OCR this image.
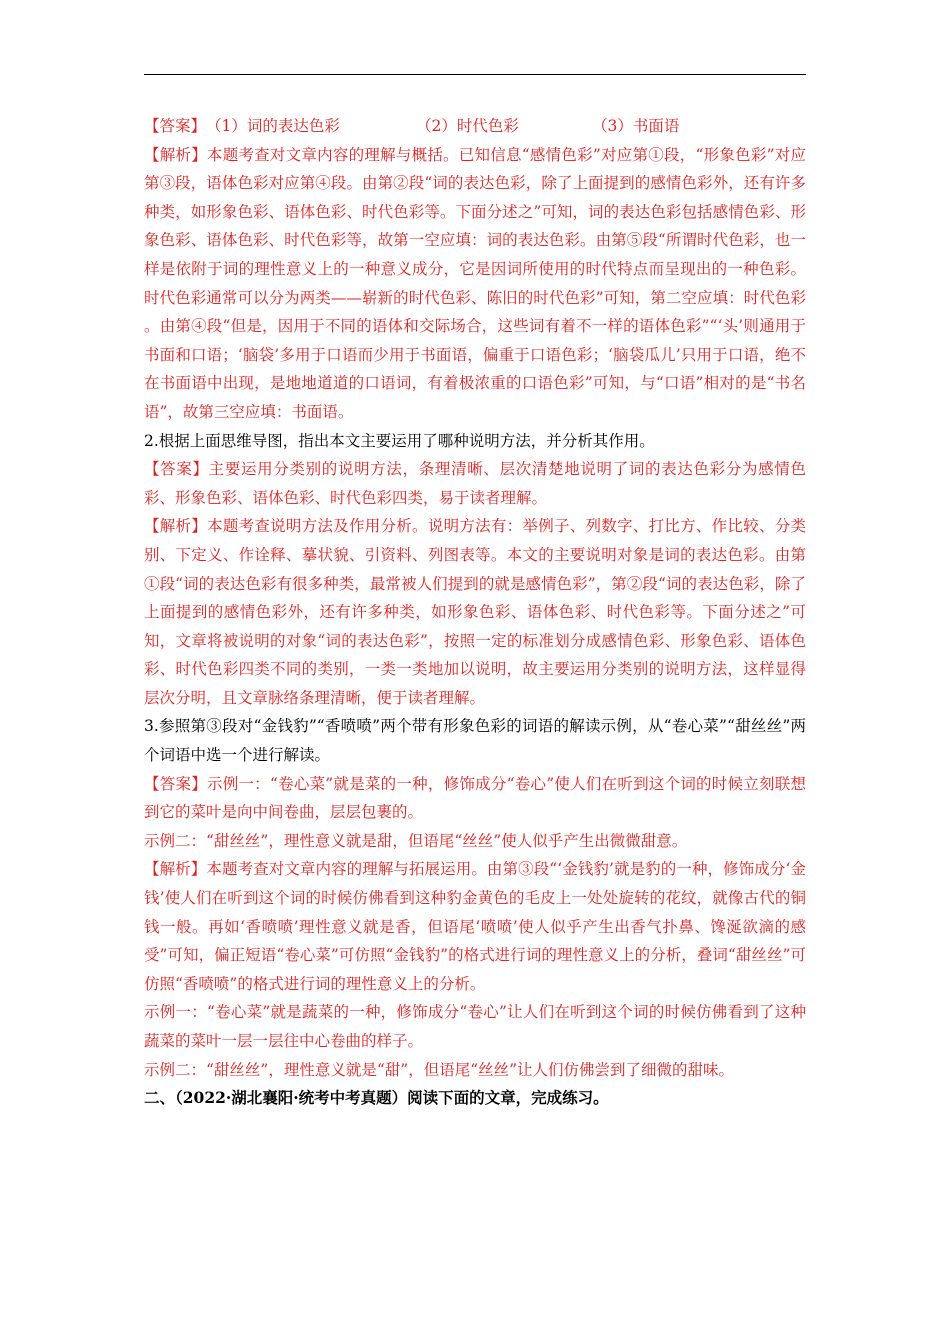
【答案】 （1）词的表达色彩	（2）时代色彩	（3）书面语

【解析】本题考查对文章内容的理解与概括。已知信息“感情色彩”对应第①段，“形象色彩”对应第③段，语体色彩对应第④段。由第②段“词的表达色彩，除了上面提到的感情色彩外，还有许多种类，如形象色彩、语体色彩、时代色彩等。下面分述之”可知，词的表达色彩包括感情色彩、形象色彩、语体色彩、时代色彩等，故第一空应填：词的表达色彩。由第⑤段“所谓时代色彩，也一样是依附于词的理性意义上的一种意义成分，它是因词所使用的时代特点而呈现出的一种色彩。时代色彩通常可以分为两类——崭新的时代色彩、陈旧的时代色彩”可知，第二空应填：时代色彩 。由第④段“但是，因用于不同的语体和交际场合，这些词有着不一样的语体色彩”“‘头’则通用于书面和口语；‘脑袋’多用于口语而少用于书面语，偏重于口语色彩；‘脑袋瓜儿’只用于口语，绝不在书面语中出现，是地地道道的口语词，有着极浓重的口语色彩”可知，与“口语”相对的是“书名语”，故第三空应填：书面语。

2.根据上面思维导图，指出本文主要运用了哪种说明方法，并分析其作用。

【答案】主要运用分类别的说明方法，条理清晰、层次清楚地说明了词的表达色彩分为感情色彩、形象色彩、语体色彩、时代色彩四类，易于读者理解。

【解析】本题考查说明方法及作用分析。说明方法有：举例子、列数字、打比方、作比较、分类别、下定义、作诠释、摹状貌、引资料、列图表等。本文的主要说明对象是词的表达色彩。由第①段“词的表达色彩有很多种类，最常被人们提到的就是感情色彩”，第②段“词的表达色彩，除了上面提到的感情色彩外，还有许多种类，如形象色彩、语体色彩、时代色彩等。下面分述之”可知，文章将被说明的对象“词的表达色彩”，按照一定的标准划分成感情色彩、形象色彩、语体色彩、时代色彩四类不同的类别，一类一类地加以说明，故主要运用分类别的说明方法，这样显得层次分明，且文章脉络条理清晰，便于读者理解。

3.参照第③段对“金钱豹”“香喷喷”两个带有形象色彩的词语的解读示例，从“卷心菜”“甜丝丝”两个词语中选一个进行解读。

【答案】示例一：“卷心菜”就是菜的一种，修饰成分“卷心”使人们在听到这个词的时候立刻联想到它的菜叶是向中间卷曲，层层包裹的。

示例二：“甜丝丝”，理性意义就是甜，但语尾“丝丝”使人似乎产生出微微甜意。

【解析】本题考查对文章内容的理解与拓展运用。由第③段“‘金钱豹’就是豹的一种，修饰成分‘金钱’使人们在听到这个词的时候仿佛看到这种豹金黄色的毛皮上一处处旋转的花纹，就像古代的铜钱一般。再如‘香喷喷’理性意义就是香，但语尾‘喷喷’使人似乎产生出香气扑鼻、馋涎欲滴的感受”可知，偏正短语“卷心菜”可仿照“金钱豹”的格式进行词的理性意义上的分析，叠词“甜丝丝”可仿照“香喷喷”的格式进行词的理性意义上的分析。

示例一：“卷心菜”就是蔬菜的一种，修饰成分“卷心”让人们在听到这个词的时候仿佛看到了这种蔬菜的菜叶一层一层往中心卷曲的样子。

示例二：“甜丝丝”，理性意义就是“甜”，但语尾“丝丝”让人们仿佛尝到了细微的甜味。

二、（2022·湖北襄阳·统考中考真题）阅读下面的文章，完成练习。
